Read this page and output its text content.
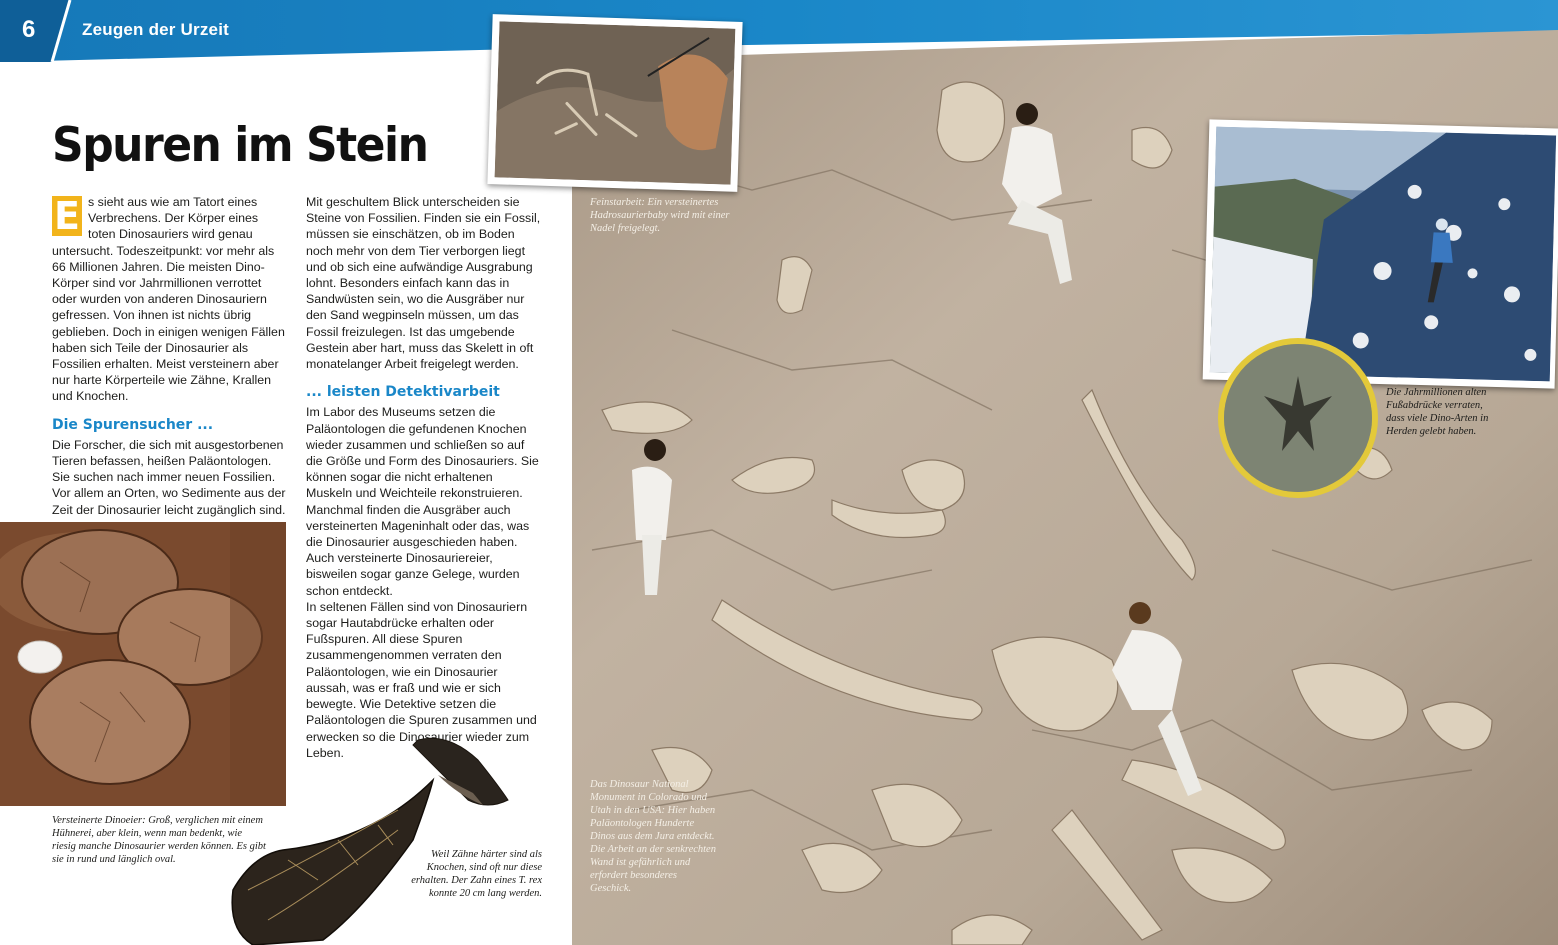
6	Zeugen der Urzeit
Spuren im Stein

E s sieht aus wie am Tatort eines Verbrechens. Der Körper eines toten Dinosauriers wird genau untersucht. Todeszeitpunkt: vor mehr als 66 Millionen Jahren. Die meisten Dino-Körper sind vor Jahrmillionen verrottet oder wurden von anderen Dinosauriern gefressen. Von ihnen ist nichts übrig geblieben. Doch in einigen wenigen Fällen haben sich Teile der Dinosaurier als Fossilien erhalten. Meist versteinern aber nur harte Körperteile wie Zähne, Krallen und Knochen.

Die Spurensucher ...

Die Forscher, die sich mit ausgestorbenen Tieren befassen, heißen Paläontologen. Sie suchen nach immer neuen Fossilien. Vor allem an Orten, wo Sedimente aus der Zeit der Dinosaurier leicht zugänglich sind.

Mit geschultem Blick unterscheiden sie Steine von Fossilien. Finden sie ein Fossil, müssen sie einschätzen, ob im Boden noch mehr von dem Tier verborgen liegt und ob sich eine aufwändige Ausgrabung lohnt. Besonders einfach kann das in Sandwüsten sein, wo die Ausgräber nur den Sand wegpinseln müssen, um das Fossil freizulegen. Ist das umgebende Gestein aber hart, muss das Skelett in oft monatelanger Arbeit freigelegt werden.

... leisten Detektivarbeit

Im Labor des Museums setzen die Paläontologen die gefundenen Knochen wieder zusammen und schließen so auf die Größe und Form des Dinosauriers. Sie können sogar die nicht erhaltenen Muskeln und Weichteile rekonstruieren. Manchmal finden die Ausgräber auch versteinerten Mageninhalt oder das, was die Dinosaurier ausgeschieden haben. Auch versteinerte Dinosauriereier, bisweilen sogar ganze Gelege, wurden schon entdeckt.

In seltenen Fällen sind von Dinosauriern sogar Hautabdrücke erhalten oder Fußspuren. All diese Spuren zusammengenommen verraten den Paläontologen, wie ein Dinosaurier aussah, was er fraß und wie er sich bewegte. Wie Detektive setzen die Paläontologen die Spuren zusammen und erwecken so die Dinosaurier wieder zum Leben.

Versteinerte Dinoeier: Groß, verglichen mit einem Hühnerei, aber klein, wenn man bedenkt, wie riesig manche Dinosaurier werden können. Es gibt sie in rund und länglich oval.	Weil Zähne härter sind als Knochen, sind oft nur diese erhalten. Der Zahn eines T. rex konnte 20 cm lang werden.
Feinstarbeit: Ein versteinertes Hadrosaurierbaby wird mit einer Nadel freigelegt.
Die Jahrmillionen alten Fußabdrücke verraten, dass viele Dino-Arten in Herden gelebt haben.
Das Dinosaur National Monument in Colorado und Utah in den USA: Hier haben Paläontologen Hunderte Dinos aus dem Jura entdeckt. Die Arbeit an der senkrechten Wand ist gefährlich und erfordert besonderes Geschick.
